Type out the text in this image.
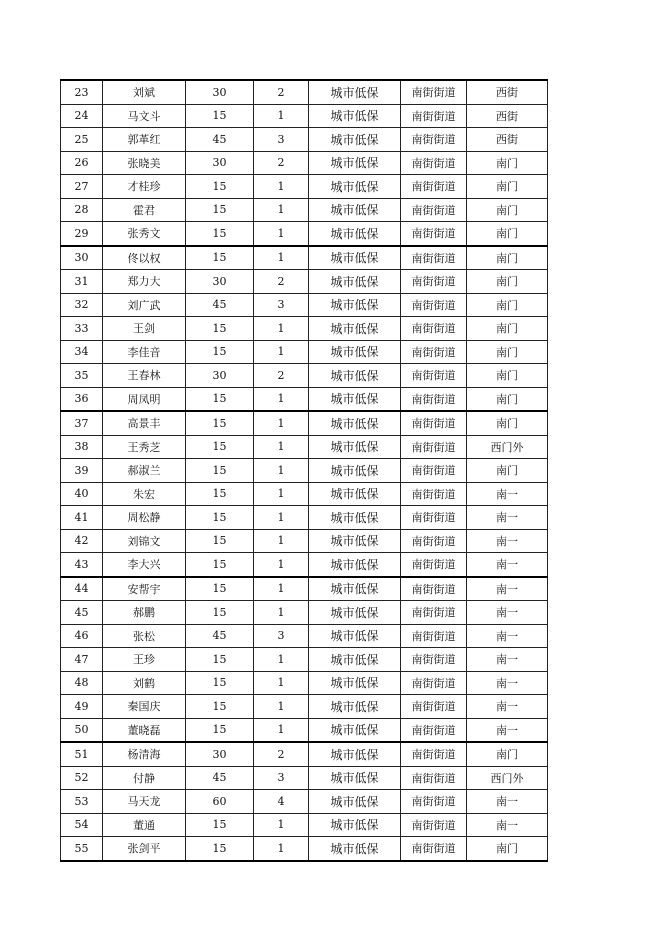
23	刘斌	30	2	城市低保	南街街道	西街
24	马文斗	15	1	城市低保	南街街道	西街
25	郭革红	45	3	城市低保	南街街道	西街
26	张晓美	30	2	城市低保	南街街道	南门
27	才桂珍	15	1	城市低保	南街街道	南门
28	霍君	15	1	城市低保	南街街道	南门
29	张秀文	15	1	城市低保	南街街道	南门
30	佟以权	15	1	城市低保	南街街道	南门
31	郑力大	30	2	城市低保	南街街道	南门
32	刘广武	45	3	城市低保	南街街道	南门
33	王剑	15	1	城市低保	南街街道	南门
34	李佳音	15	1	城市低保	南街街道	南门
35	王春林	30	2	城市低保	南街街道	南门
36	周凤明	15	1	城市低保	南街街道	南门
37	高景丰	15	1	城市低保	南街街道	南门
38	王秀芝	15	1	城市低保	南街街道	西门外
39	郝淑兰	15	1	城市低保	南街街道	南门
40	朱宏	15	1	城市低保	南街街道	南一
41	周松静	15	1	城市低保	南街街道	南一
42	刘锦文	15	1	城市低保	南街街道	南一
43	李大兴	15	1	城市低保	南街街道	南一
44	安帮宇	15	1	城市低保	南街街道	南一
45	郝鹏	15	1	城市低保	南街街道	南一
46	张松	45	3	城市低保	南街街道	南一
47	王珍	15	1	城市低保	南街街道	南一
48	刘鹤	15	1	城市低保	南街街道	南一
49	秦国庆	15	1	城市低保	南街街道	南一
50	董晓磊	15	1	城市低保	南街街道	南一
51	杨清海	30	2	城市低保	南街街道	南门
52	付静	45	3	城市低保	南街街道	西门外
53	马天龙	60	4	城市低保	南街街道	南一
54	董通	15	1	城市低保	南街街道	南一
55	张剑平	15	1	城市低保	南街街道	南门
